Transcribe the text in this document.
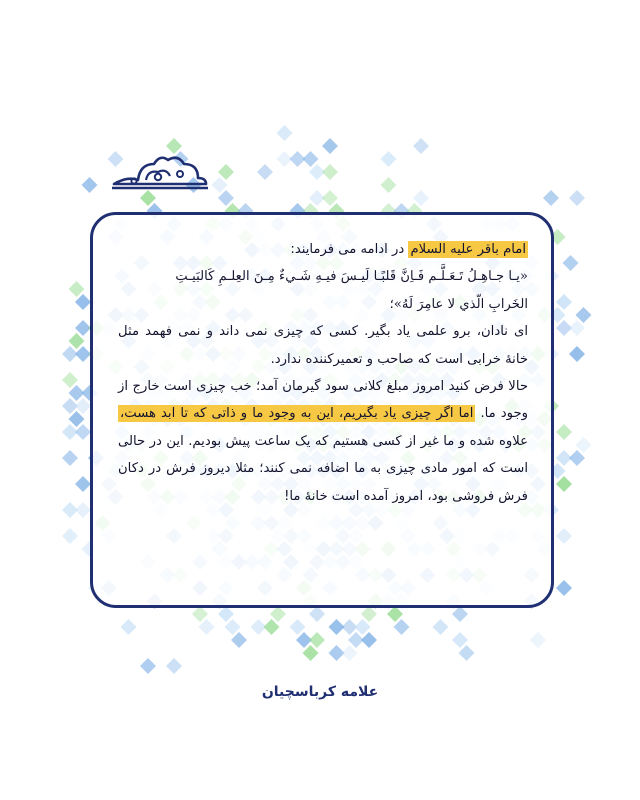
امام باقر علیه السلام در ادامه می فرمایند:

«يـا جـاهِـلُ تَـعَـلَّـم فَـاِنَّ قَلبًـا لَيـسَ فيـهِ شَـيءٌ مِـنَ العِلـمِ كَالبَيـتِ

الخَرابِ الّذي لا عامِرَ لَهُ»؛

ای نادان، برو علمی یاد بگیر. کسی که چیزی نمی داند و نمی فهمد مثل خانۀ خرابی است که صاحب و تعمیرکننده ندارد.

حالا فرض کنید امروز مبلغ کلانی سود گیرمان آمد؛ خب چیزی است خارج از وجود ما. اما اگر چیزی یاد بگیریم، این به وجود ما و ذاتی که تا ابد هست، علاوه شده و ما غیر از کسی هستیم که یک ساعت پیش بودیم. این در حالی است که امور مادی چیزی به ما اضافه نمی کنند؛ مثلا دیروز فرش در دکان فرش فروشی بود، امروز آمده است خانۀ ما!

علامه کرباسچیان
